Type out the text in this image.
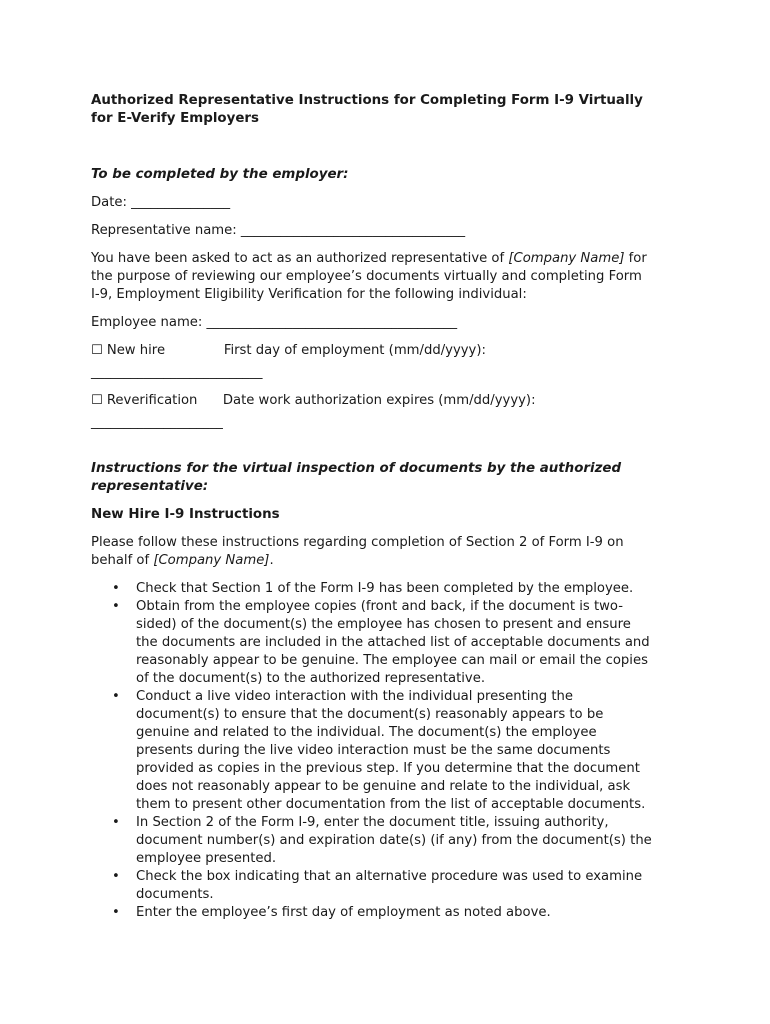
Authorized Representative Instructions for Completing Form I-9 Virtually
for E-Verify Employers

To be completed by the employer:

Date: _______________

Representative name: __________________________________

You have been asked to act as an authorized representative of [Company Name] for
the purpose of reviewing our employee’s documents virtually and completing Form
I-9, Employment Eligibility Verification for the following individual:

Employee name: ______________________________________

☐ New hire	First day of employment (mm/dd/yyyy):

__________________________

☐ Reverification	Date work authorization expires (mm/dd/yyyy):

____________________

Instructions for the virtual inspection of documents by the authorized
representative:

New Hire I-9 Instructions

Please follow these instructions regarding completion of Section 2 of Form I-9 on
behalf of [Company Name].

• Check that Section 1 of the Form I-9 has been completed by the employee.
• Obtain from the employee copies (front and back, if the document is two-
sided) of the document(s) the employee has chosen to present and ensure
the documents are included in the attached list of acceptable documents and
reasonably appear to be genuine. The employee can mail or email the copies
of the document(s) to the authorized representative.
• Conduct a live video interaction with the individual presenting the
document(s) to ensure that the document(s) reasonably appears to be
genuine and related to the individual. The document(s) the employee
presents during the live video interaction must be the same documents
provided as copies in the previous step. If you determine that the document
does not reasonably appear to be genuine and relate to the individual, ask
them to present other documentation from the list of acceptable documents.
• In Section 2 of the Form I-9, enter the document title, issuing authority,
document number(s) and expiration date(s) (if any) from the document(s) the
employee presented.
• Check the box indicating that an alternative procedure was used to examine
documents.
• Enter the employee’s first day of employment as noted above.
